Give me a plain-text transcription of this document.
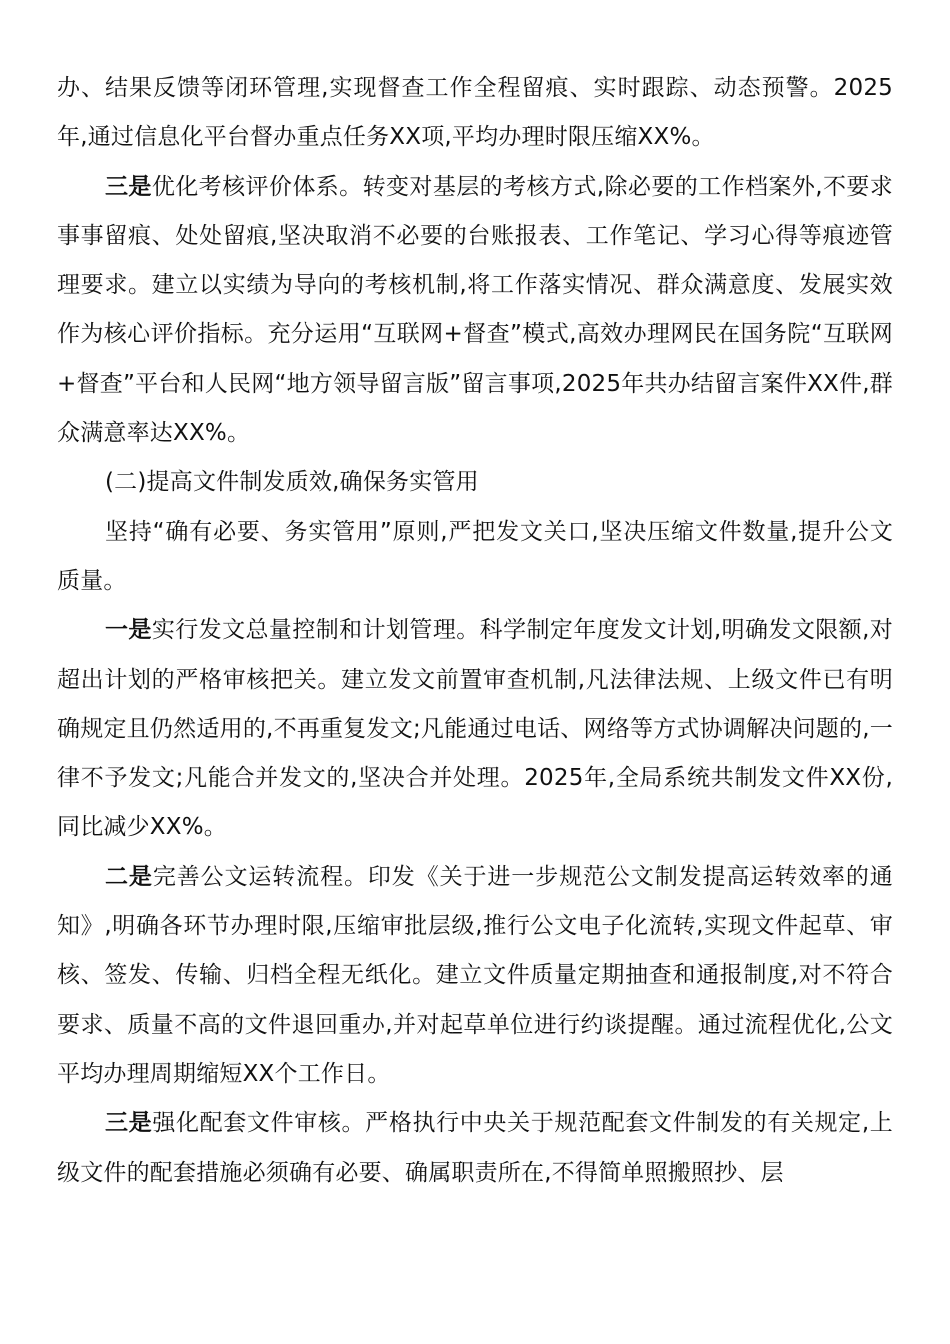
办、结果反馈等闭环管理,实现督查工作全程留痕、实时跟踪、动态预警。2025年,通过信息化平台督办重点任务XX项,平均办理时限压缩XX%。

三是优化考核评价体系。转变对基层的考核方式,除必要的工作档案外,不要求事事留痕、处处留痕,坚决取消不必要的台账报表、工作笔记、学习心得等痕迹管理要求。建立以实绩为导向的考核机制,将工作落实情况、群众满意度、发展实效作为核心评价指标。充分运用“互联网+督查”模式,高效办理网民在国务院“互联网+督查”平台和人民网“地方领导留言版”留言事项,2025年共办结留言案件XX件,群众满意率达XX%。

(二)提高文件制发质效,确保务实管用

坚持“确有必要、务实管用”原则,严把发文关口,坚决压缩文件数量,提升公文质量。

一是实行发文总量控制和计划管理。科学制定年度发文计划,明确发文限额,对超出计划的严格审核把关。建立发文前置审查机制,凡法律法规、上级文件已有明确规定且仍然适用的,不再重复发文;凡能通过电话、网络等方式协调解决问题的,一律不予发文;凡能合并发文的,坚决合并处理。2025年,全局系统共制发文件XX份,同比减少XX%。

二是完善公文运转流程。印发《关于进一步规范公文制发提高运转效率的通知》,明确各环节办理时限,压缩审批层级,推行公文电子化流转,实现文件起草、审核、签发、传输、归档全程无纸化。建立文件质量定期抽查和通报制度,对不符合要求、质量不高的文件退回重办,并对起草单位进行约谈提醒。通过流程优化,公文平均办理周期缩短XX个工作日。

三是强化配套文件审核。严格执行中央关于规范配套文件制发的有关规定,上级文件的配套措施必须确有必要、确属职责所在,不得简单照搬照抄、层
